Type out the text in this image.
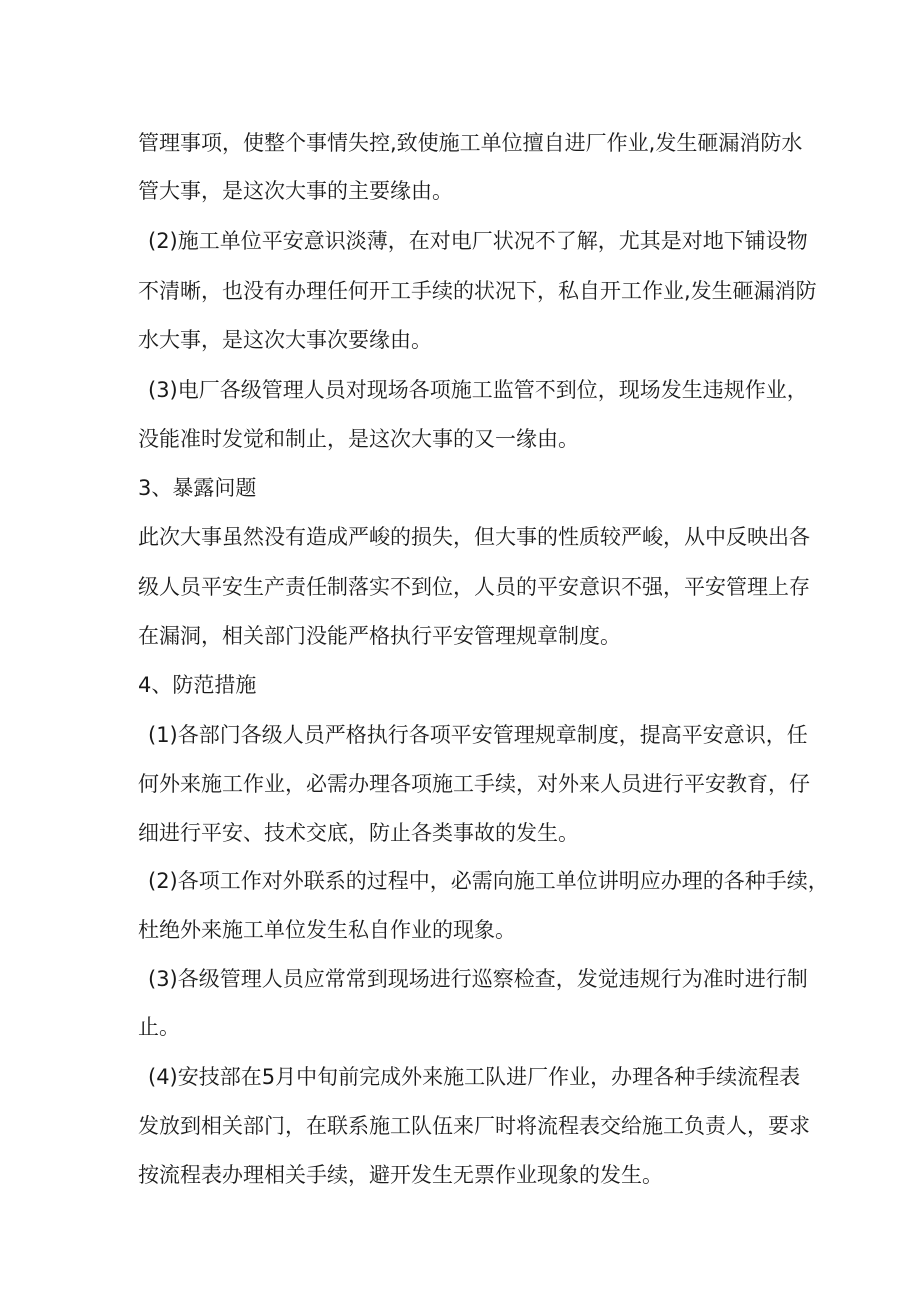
管理事项，使整个事情失控,致使施工单位擅自进厂作业,发生砸漏消防水
管大事，是这次大事的主要缘由。
(2)施工单位平安意识淡薄，在对电厂状况不了解，尤其是对地下铺设物
不清晰，也没有办理任何开工手续的状况下，私自开工作业,发生砸漏消防
水大事，是这次大事次要缘由。
(3)电厂各级管理人员对现场各项施工监管不到位，现场发生违规作业，
没能准时发觉和制止，是这次大事的又一缘由。
3、暴露问题
此次大事虽然没有造成严峻的损失，但大事的性质较严峻，从中反映出各
级人员平安生产责任制落实不到位，人员的平安意识不强，平安管理上存
在漏洞，相关部门没能严格执行平安管理规章制度。
4、防范措施
(1)各部门各级人员严格执行各项平安管理规章制度，提高平安意识，任
何外来施工作业，必需办理各项施工手续，对外来人员进行平安教育，仔
细进行平安、技术交底，防止各类事故的发生。
(2)各项工作对外联系的过程中，必需向施工单位讲明应办理的各种手续，
杜绝外来施工单位发生私自作业的现象。
(3)各级管理人员应常常到现场进行巡察检查，发觉违规行为准时进行制
止。
(4)安技部在5月中旬前完成外来施工队进厂作业，办理各种手续流程表
发放到相关部门，在联系施工队伍来厂时将流程表交给施工负责人，要求
按流程表办理相关手续，避开发生无票作业现象的发生。
